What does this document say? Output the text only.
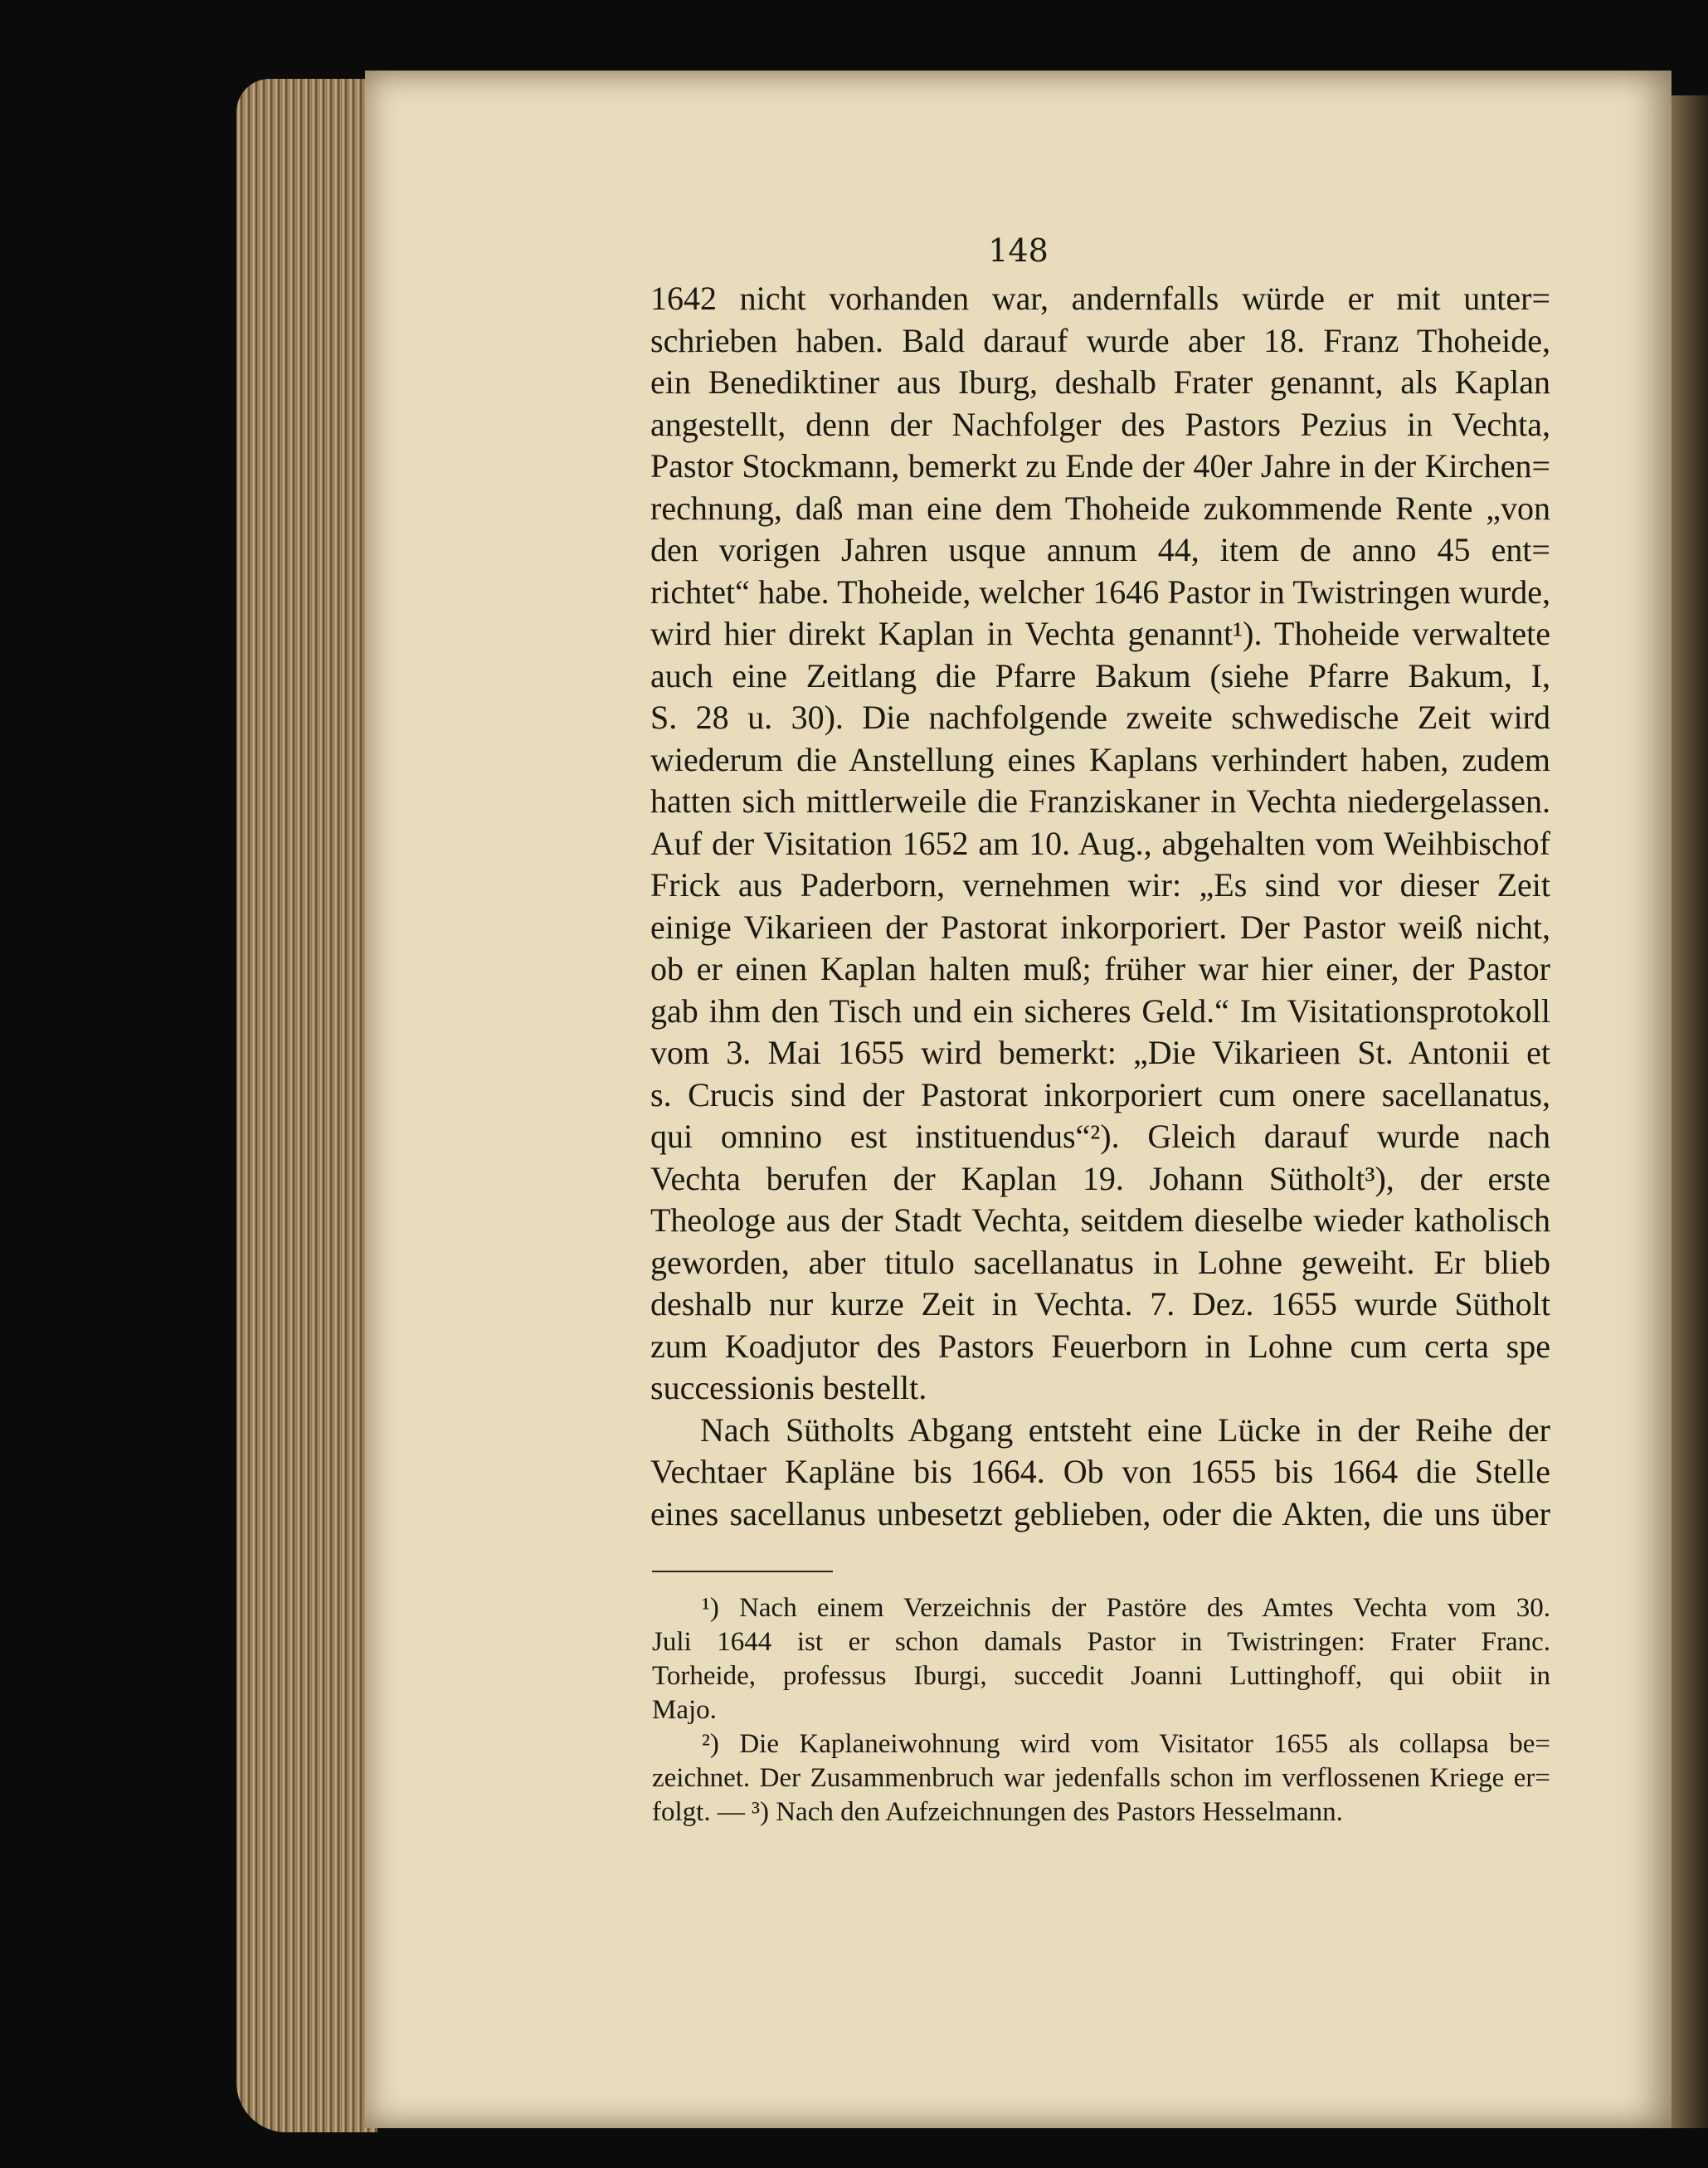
148
1642 nicht vorhanden war, andernfalls würde er mit unter=
schrieben haben. Bald darauf wurde aber 18. Franz Thoheide,
ein Benediktiner aus Iburg, deshalb Frater genannt, als Kaplan
angestellt, denn der Nachfolger des Pastors Pezius in Vechta,
Pastor Stockmann, bemerkt zu Ende der 40er Jahre in der Kirchen=
rechnung, daß man eine dem Thoheide zukommende Rente „von
den vorigen Jahren usque annum 44, item de anno 45 ent=
richtet“ habe. Thoheide, welcher 1646 Pastor in Twistringen wurde,
wird hier direkt Kaplan in Vechta genannt¹). Thoheide verwaltete
auch eine Zeitlang die Pfarre Bakum (siehe Pfarre Bakum, I,
S. 28 u. 30). Die nachfolgende zweite schwedische Zeit wird
wiederum die Anstellung eines Kaplans verhindert haben, zudem
hatten sich mittlerweile die Franziskaner in Vechta niedergelassen.
Auf der Visitation 1652 am 10. Aug., abgehalten vom Weihbischof
Frick aus Paderborn, vernehmen wir: „Es sind vor dieser Zeit
einige Vikarieen der Pastorat inkorporiert. Der Pastor weiß nicht,
ob er einen Kaplan halten muß; früher war hier einer, der Pastor
gab ihm den Tisch und ein sicheres Geld.“ Im Visitationsprotokoll
vom 3. Mai 1655 wird bemerkt: „Die Vikarieen St. Antonii et
s. Crucis sind der Pastorat inkorporiert cum onere sacellanatus,
qui omnino est instituendus“²). Gleich darauf wurde nach
Vechta berufen der Kaplan 19. Johann Sütholt³), der erste
Theologe aus der Stadt Vechta, seitdem dieselbe wieder katholisch
geworden, aber titulo sacellanatus in Lohne geweiht. Er blieb
deshalb nur kurze Zeit in Vechta. 7. Dez. 1655 wurde Sütholt
zum Koadjutor des Pastors Feuerborn in Lohne cum certa spe
successionis bestellt.
Nach Sütholts Abgang entsteht eine Lücke in der Reihe der
Vechtaer Kapläne bis 1664. Ob von 1655 bis 1664 die Stelle
eines sacellanus unbesetzt geblieben, oder die Akten, die uns über
¹) Nach einem Verzeichnis der Pastöre des Amtes Vechta vom 30.
Juli 1644 ist er schon damals Pastor in Twistringen: Frater Franc.
Torheide, professus Iburgi, succedit Joanni Luttinghoff, qui obiit in
Majo.
²) Die Kaplaneiwohnung wird vom Visitator 1655 als collapsa be=
zeichnet. Der Zusammenbruch war jedenfalls schon im verflossenen Kriege er=
folgt. — ³) Nach den Aufzeichnungen des Pastors Hesselmann.
